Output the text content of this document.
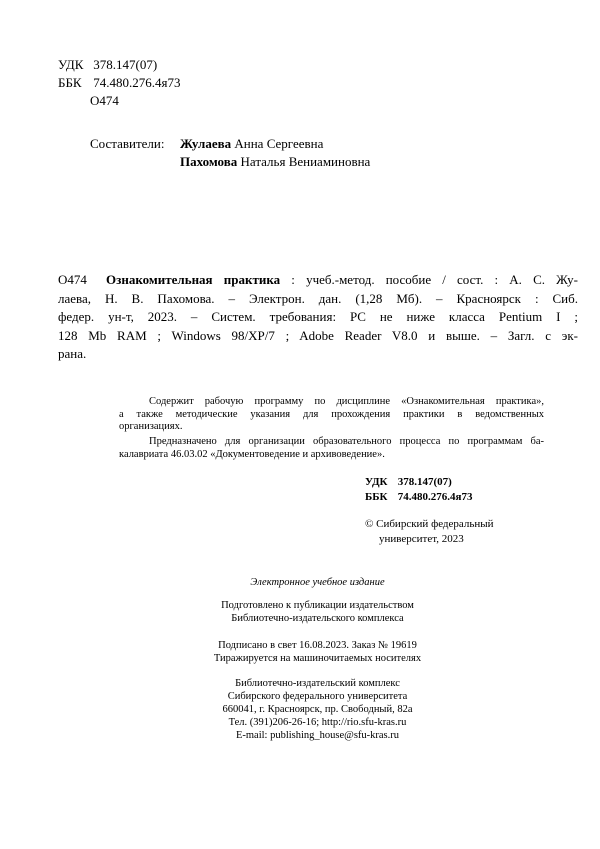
УДК 378.147(07)
ББК 74.480.276.4я73
О474
Составители: Жулаева Анна Сергеевна
Пахомова Наталья Вениаминовна
О474 Ознакомительная практика : учеб.-метод. пособие / сост. : А. С. Жу-
лаева, Н. В. Пахомова. – Электрон. дан. (1,28 Мб). – Красноярск : Сиб.
федер. ун-т, 2023. – Систем. требования: PC не ниже класса Pentium I ;
128 Mb RAM ; Windows 98/XP/7 ; Adobe Reader V8.0 и выше. – Загл. с эк-
рана.
Содержит рабочую программу по дисциплине «Ознакомительная практика»,
а также методические указания для прохождения практики в ведомственных
организациях.
Предназначено для организации образовательного процесса по программам ба-
калавриата 46.03.02 «Документоведение и архивоведение».
УДК 378.147(07)
ББК 74.480.276.4я73
© Сибирский федеральный
университет, 2023
Электронное учебное издание
Подготовлено к публикации издательством
Библиотечно-издательского комплекса
Подписано в свет 16.08.2023. Заказ № 19619
Тиражируется на машиночитаемых носителях
Библиотечно-издательский комплекс
Сибирского федерального университета
660041, г. Красноярск, пр. Свободный, 82а
Тел. (391)206-26-16; http://rio.sfu-kras.ru
E-mail: publishing_house@sfu-kras.ru
